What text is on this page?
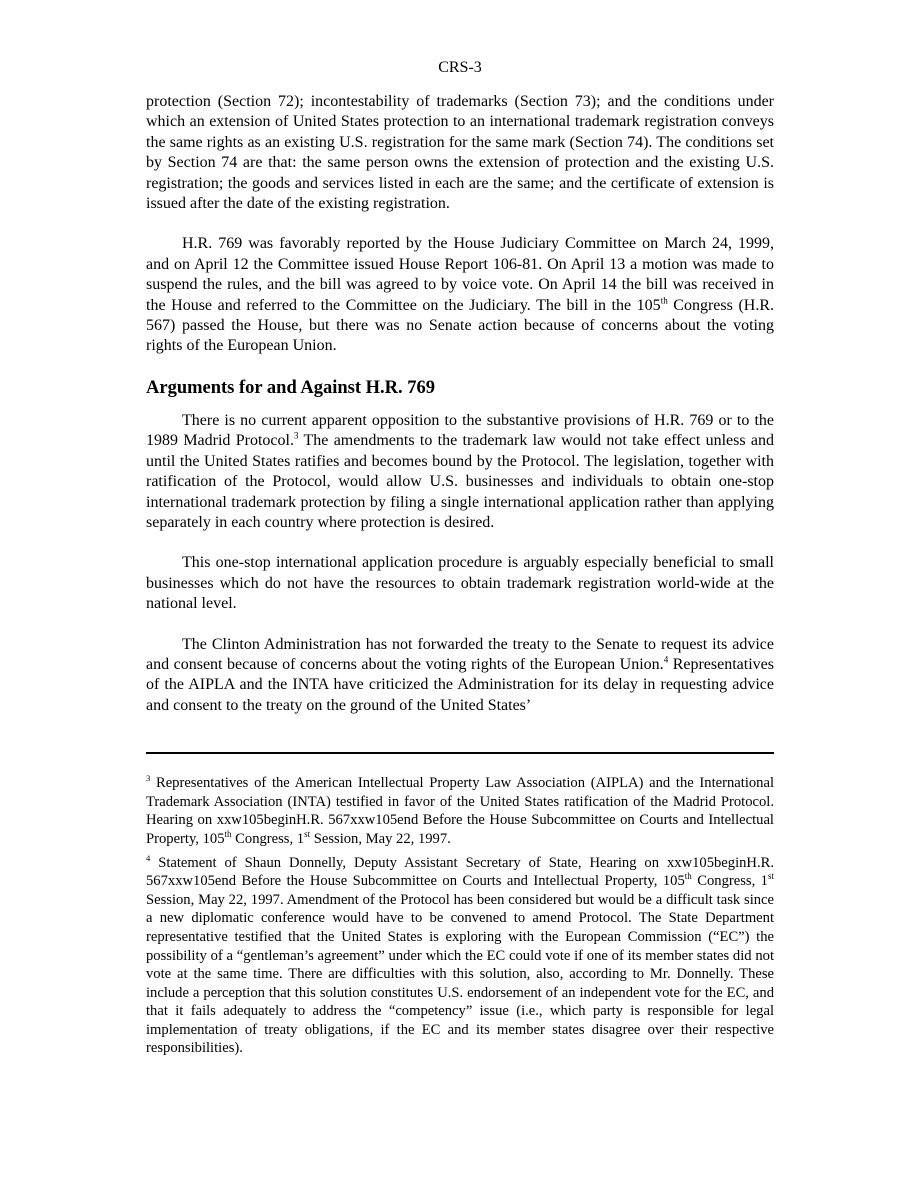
CRS-3

protection (Section 72); incontestability of trademarks (Section 73); and the conditions under which an extension of United States protection to an international trademark registration conveys the same rights as an existing U.S. registration for the same mark (Section 74). The conditions set by Section 74 are that: the same person owns the extension of protection and the existing U.S. registration; the goods and services listed in each are the same; and the certificate of extension is issued after the date of the existing registration.

H.R. 769 was favorably reported by the House Judiciary Committee on March 24, 1999, and on April 12 the Committee issued House Report 106-81. On April 13 a motion was made to suspend the rules, and the bill was agreed to by voice vote. On April 14 the bill was received in the House and referred to the Committee on the Judiciary. The bill in the 105th Congress (H.R. 567) passed the House, but there was no Senate action because of concerns about the voting rights of the European Union.

Arguments for and Against H.R. 769

There is no current apparent opposition to the substantive provisions of H.R. 769 or to the 1989 Madrid Protocol.$^3$ The amendments to the trademark law would not take effect unless and until the United States ratifies and becomes bound by the Protocol. The legislation, together with ratification of the Protocol, would allow U.S. businesses and individuals to obtain one-stop international trademark protection by filing a single international application rather than applying separately in each country where protection is desired.

This one-stop international application procedure is arguably especially beneficial to small businesses which do not have the resources to obtain trademark registration world-wide at the national level.

The Clinton Administration has not forwarded the treaty to the Senate to request its advice and consent because of concerns about the voting rights of the European Union.$^4$ Representatives of the AIPLA and the INTA have criticized the Administration for its delay in requesting advice and consent to the treaty on the ground of the United States’

$^3$ Representatives of the American Intellectual Property Law Association (AIPLA) and the International Trademark Association (INTA) testified in favor of the United States ratification of the Madrid Protocol. Hearing on xxw105beginH.R. 567xxw105end Before the House Subcommittee on Courts and Intellectual Property, 105th Congress, 1st Session, May 22, 1997.

$^4$ Statement of Shaun Donnelly, Deputy Assistant Secretary of State, Hearing on xxw105beginH.R. 567xxw105end Before the House Subcommittee on Courts and Intellectual Property, 105th Congress, 1st Session, May 22, 1997. Amendment of the Protocol has been considered but would be a difficult task since a new diplomatic conference would have to be convened to amend Protocol. The State Department representative testified that the United States is exploring with the European Commission (“EC”) the possibility of a “gentleman’s agreement” under which the EC could vote if one of its member states did not vote at the same time. There are difficulties with this solution, also, according to Mr. Donnelly. These include a perception that this solution constitutes U.S. endorsement of an independent vote for the EC, and that it fails adequately to address the “competency” issue (i.e., which party is responsible for legal implementation of treaty obligations, if the EC and its member states disagree over their respective responsibilities).
